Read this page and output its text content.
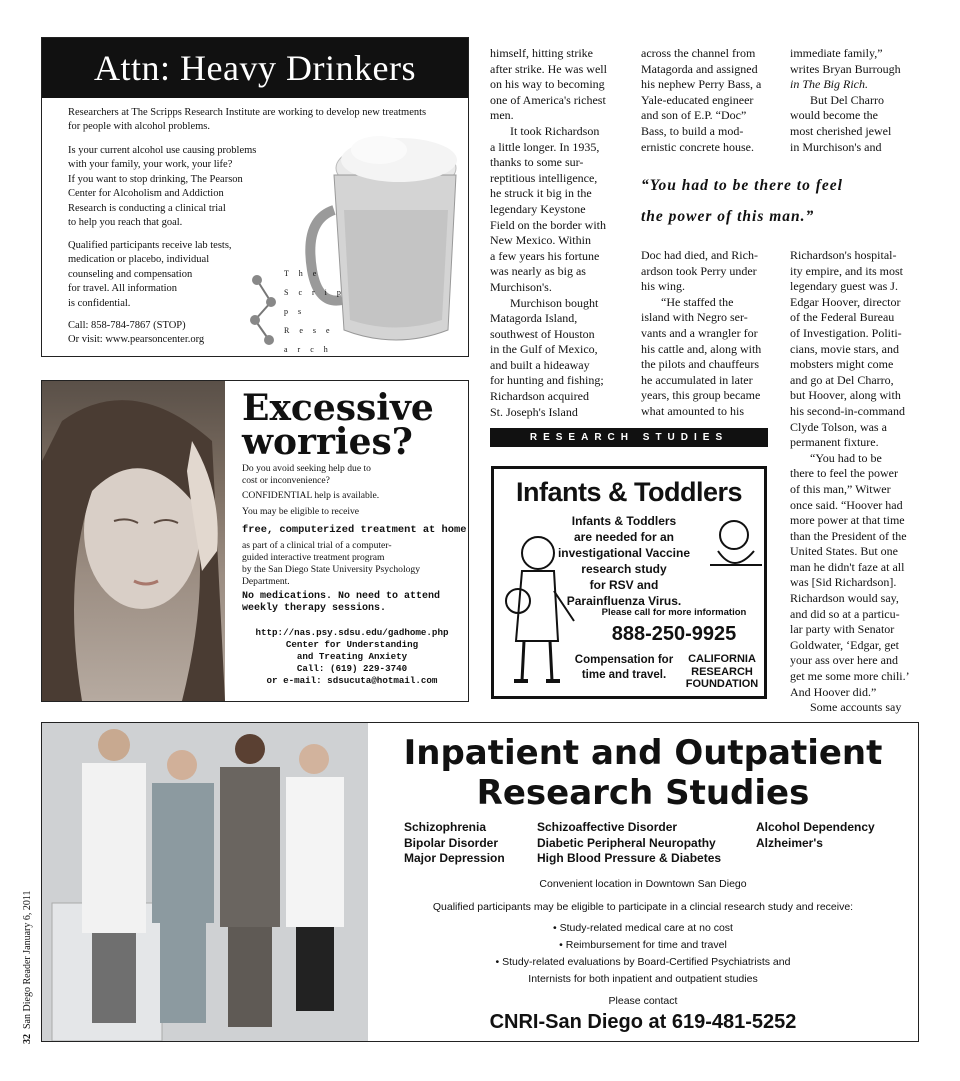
Attn: Heavy Drinkers
Researchers at The Scripps Research Institute are working to develop new treatments
for people with alcohol problems.
Is your current alcohol use causing problems
with your family, your work, your life?
If you want to stop drinking, The Pearson
Center for Alcoholism and Addiction
Research is conducting a clinical trial
to help you reach that goal.
Qualified participants receive lab tests,
medication or placebo, individual
counseling and compensation
for travel. All information
is confidential.
Call: 858-784-7867 (STOP)
Or visit: www.pearsoncenter.org
T h e
S c r i p p s
R e s e a r c h
Excessive
worries?
Do you avoid seeking help due to
cost or inconvenience?
CONFIDENTIAL help is available.
You may be eligible to receive
free, computerized treatment at home
as part of a clinical trial of a computer-
guided interactive treatment program
by the San Diego State University Psychology
Department.
No medications. No need to attend
weekly therapy sessions.
http://nas.psy.sdsu.edu/gadhome.php
Center for Understanding
and Treating Anxiety
Call: (619) 229-3740
or e-mail: sdsucuta@hotmail.com
himself, hitting strike
after strike. He was well
on his way to becoming
one of America's richest
men.
It took Richardson
a little longer. In 1935,
thanks to some sur-
reptitious intelligence,
he struck it big in the
legendary Keystone
Field on the border with
New Mexico. Within
a few years his fortune
was nearly as big as
Murchison's.
Murchison bought
Matagorda Island,
southwest of Houston
in the Gulf of Mexico,
and built a hideaway
for hunting and fishing;
Richardson acquired
St. Joseph's Island
across the channel from
Matagorda and assigned
his nephew Perry Bass, a
Yale-educated engineer
and son of E.P. “Doc”
Bass, to build a mod-
ernistic concrete house.
immediate family,”
writes Bryan Burrough
in The Big Rich.
But Del Charro
would become the
most cherished jewel
in Murchison's and
“You had to be there to feel
the power of this man.”
Doc had died, and Rich-
ardson took Perry under
his wing.
“He staffed the
island with Negro ser-
vants and a wrangler for
his cattle and, along with
the pilots and chauffeurs
he accumulated in later
years, this group became
what amounted to his
Richardson's hospital-
ity empire, and its most
legendary guest was J.
Edgar Hoover, director
of the Federal Bureau
of Investigation. Politi-
cians, movie stars, and
mobsters might come
and go at Del Charro,
but Hoover, along with
his second-in-command
Clyde Tolson, was a
permanent fixture.
“You had to be
there to feel the power
of this man,” Witwer
once said. “Hoover had
more power at that time
than the President of the
United States. But one
man he didn't faze at all
was [Sid Richardson].
Richardson would say,
and did so at a particu-
lar party with Senator
Goldwater, ‘Edgar, get
your ass over here and
get me some more chili.’
And Hoover did.”
Some accounts say
RESEARCH STUDIES
Infants & Toddlers
Infants & Toddlers
are needed for an
investigational Vaccine
research study
for RSV and
Parainfluenza Virus.
Please call for more information
888-250-9925
Compensation for
time and travel.
CALIFORNIA
RESEARCH
FOUNDATION
Inpatient and Outpatient
Research Studies
Schizophrenia
Bipolar Disorder
Major Depression
Schizoaffective Disorder
Diabetic Peripheral Neuropathy
High Blood Pressure & Diabetes
Alcohol Dependency
Alzheimer's
Convenient location in Downtown San Diego
Qualified participants may be eligible to participate in a clincial research study and receive:
• Study-related medical care at no cost
• Reimbursement for time and travel
• Study-related evaluations by Board-Certified Psychiatrists and
Internists for both inpatient and outpatient studies
Please contact
CNRI-San Diego at 619-481-5252
32  San Diego Reader January 6, 2011
